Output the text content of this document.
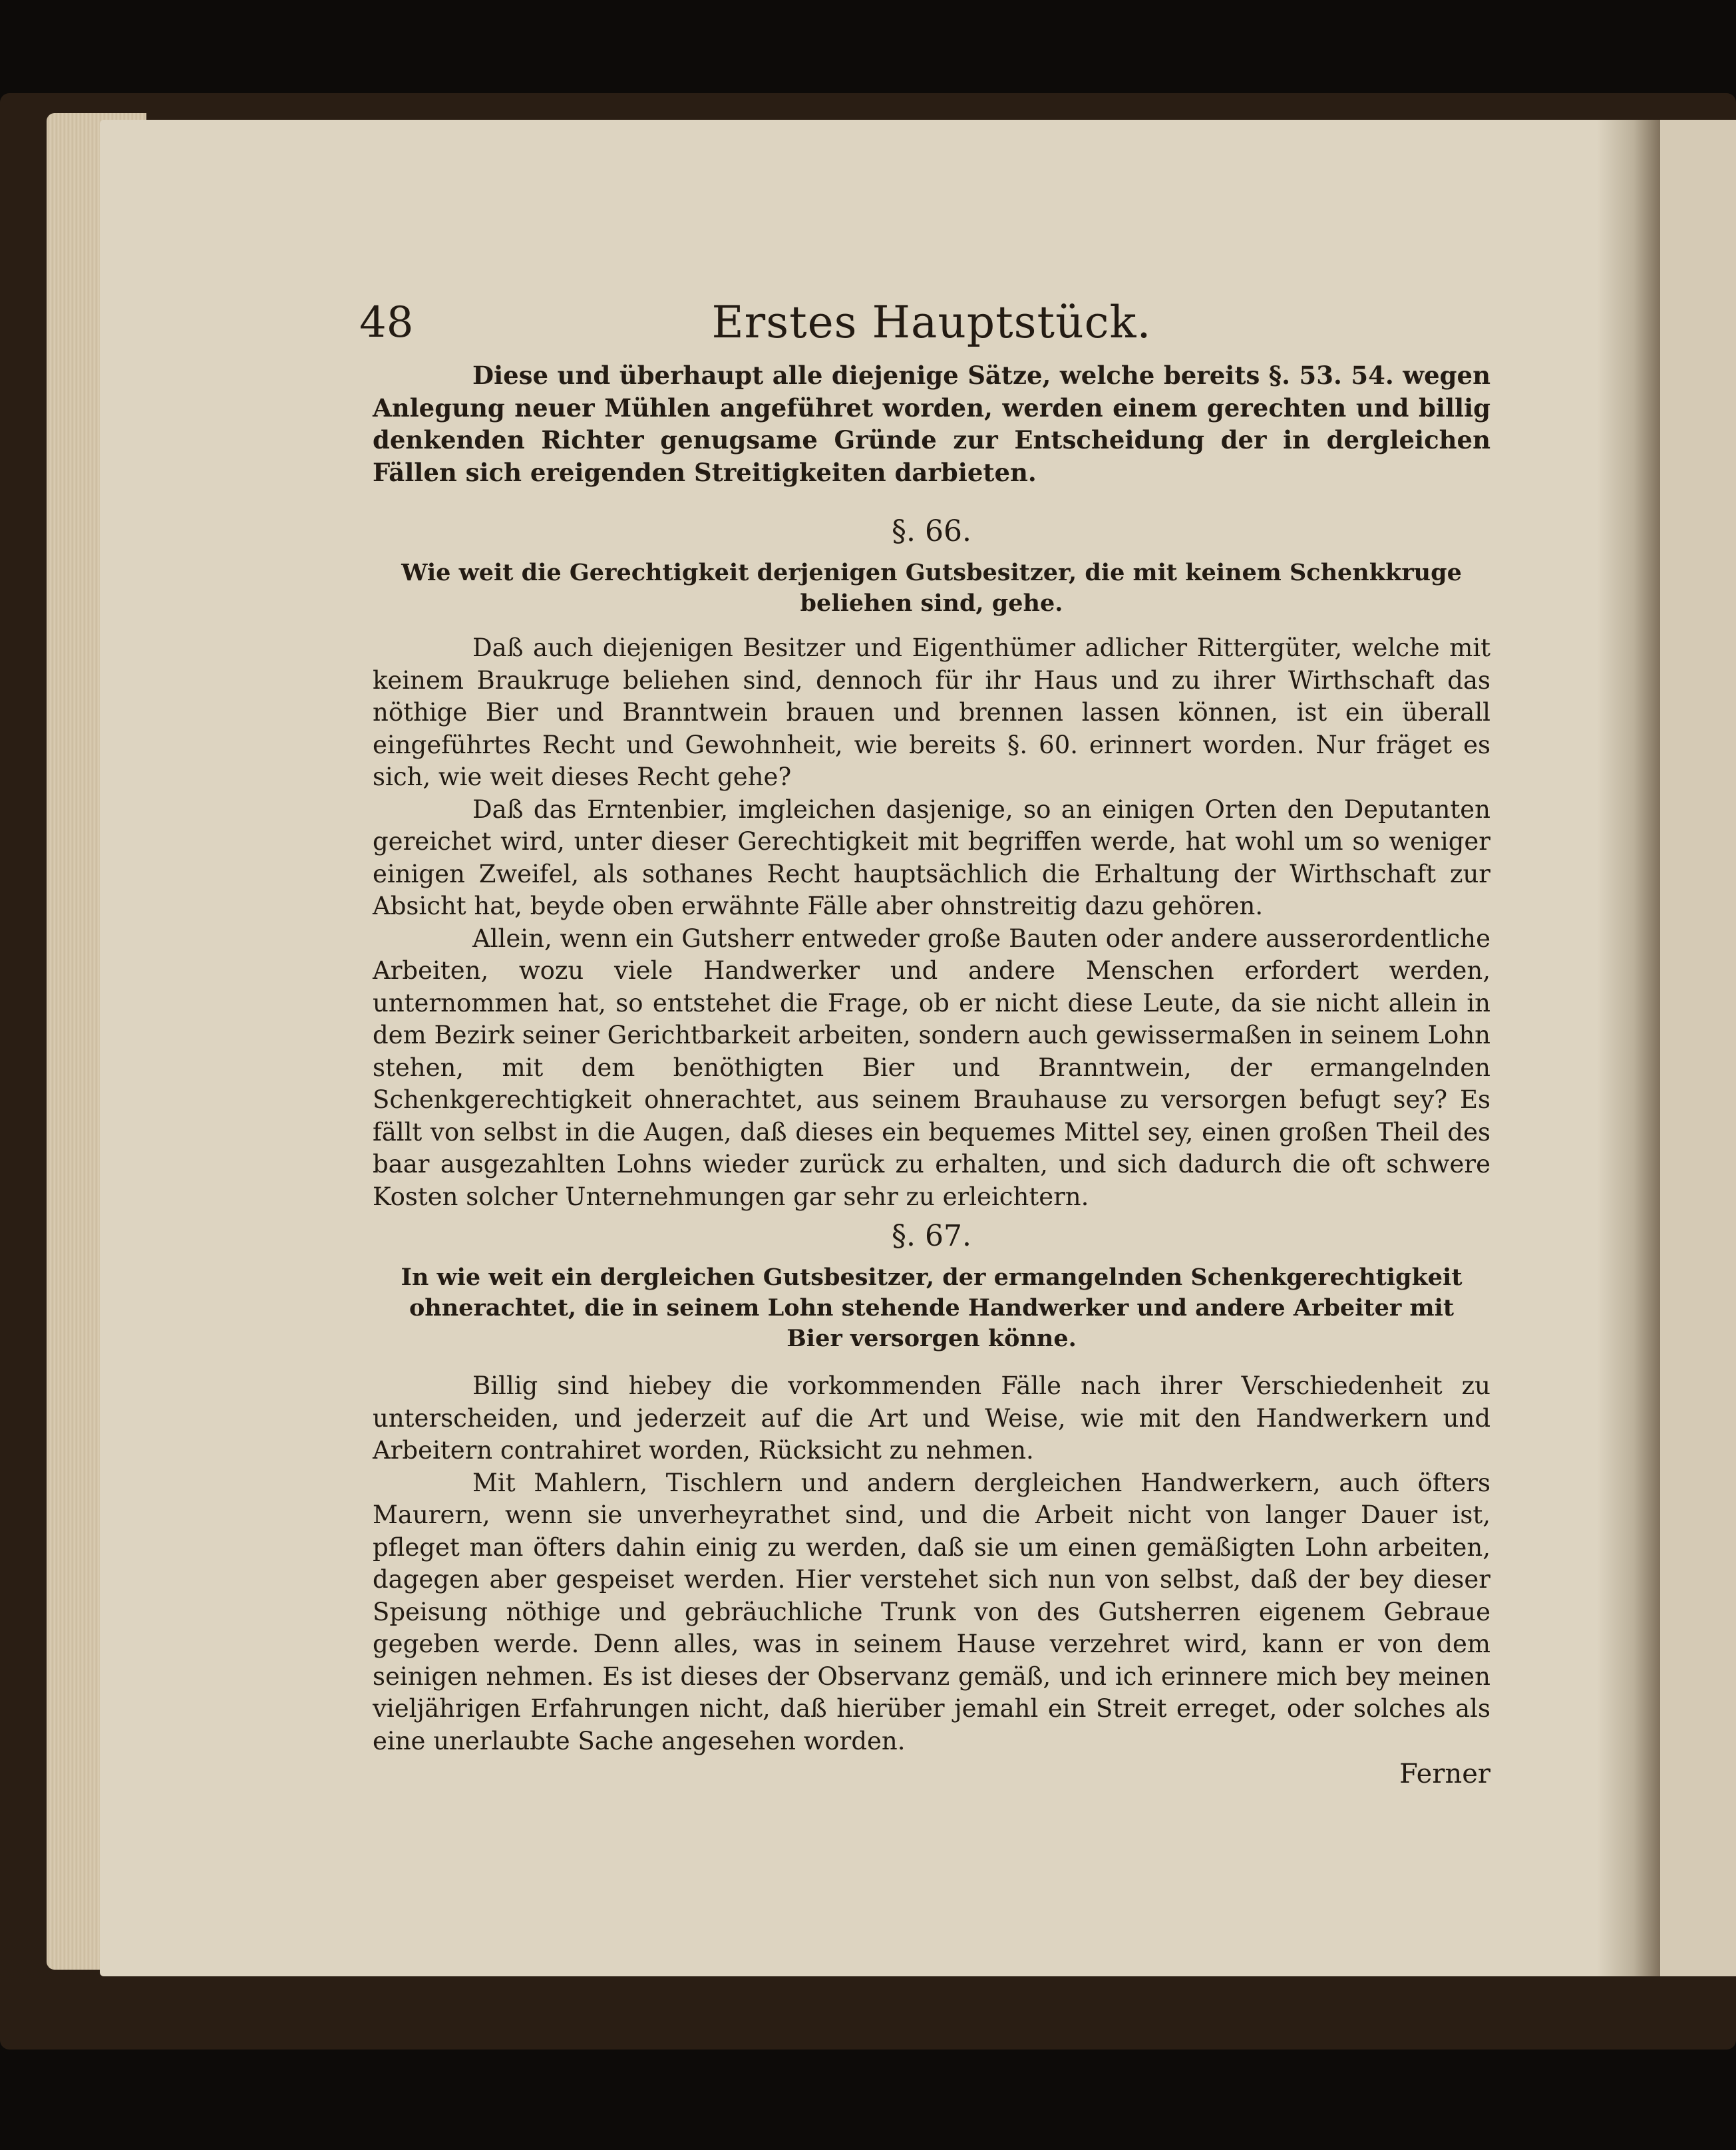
48	Erstes Hauptstück.

Diese und überhaupt alle diejenige Sätze, welche bereits §. 53. 54. wegen Anlegung neuer Mühlen angeführet worden, werden einem gerechten und billig denkenden Richter genugsame Gründe zur Entscheidung der in dergleichen Fällen sich ereigenden Streitigkeiten darbieten.

§. 66.
Wie weit die Gerechtigkeit derjenigen Gutsbesitzer, die mit keinem Schenkkruge beliehen sind, gehe.

Daß auch diejenigen Besitzer und Eigenthümer adlicher Rittergüter, welche mit keinem Braukruge beliehen sind, dennoch für ihr Haus und zu ihrer Wirthschaft das nöthige Bier und Branntwein brauen und brennen lassen können, ist ein überall eingeführtes Recht und Gewohnheit, wie bereits §. 60. erinnert worden. Nur fräget es sich, wie weit dieses Recht gehe?

Daß das Erntenbier, imgleichen dasjenige, so an einigen Orten den Deputanten gereichet wird, unter dieser Gerechtigkeit mit begriffen werde, hat wohl um so weniger einigen Zweifel, als sothanes Recht hauptsächlich die Erhaltung der Wirthschaft zur Absicht hat, beyde oben erwähnte Fälle aber ohnstreitig dazu gehören.

Allein, wenn ein Gutsherr entweder große Bauten oder andere ausserordentliche Arbeiten, wozu viele Handwerker und andere Menschen erfordert werden, unternommen hat, so entstehet die Frage, ob er nicht diese Leute, da sie nicht allein in dem Bezirk seiner Gerichtbarkeit arbeiten, sondern auch gewissermaßen in seinem Lohn stehen, mit dem benöthigten Bier und Branntwein, der ermangelnden Schenkgerechtigkeit ohnerachtet, aus seinem Brauhause zu versorgen befugt sey? Es fällt von selbst in die Augen, daß dieses ein bequemes Mittel sey, einen großen Theil des baar ausgezahlten Lohns wieder zurück zu erhalten, und sich dadurch die oft schwere Kosten solcher Unternehmungen gar sehr zu erleichtern.

§. 67.
In wie weit ein dergleichen Gutsbesitzer, der ermangelnden Schenkgerechtigkeit ohnerachtet, die in seinem Lohn stehende Handwerker und andere Arbeiter mit Bier versorgen könne.

Billig sind hiebey die vorkommenden Fälle nach ihrer Verschiedenheit zu unterscheiden, und jederzeit auf die Art und Weise, wie mit den Handwerkern und Arbeitern contrahiret worden, Rücksicht zu nehmen.

Mit Mahlern, Tischlern und andern dergleichen Handwerkern, auch öfters Maurern, wenn sie unverheyrathet sind, und die Arbeit nicht von langer Dauer ist, pfleget man öfters dahin einig zu werden, daß sie um einen gemäßigten Lohn arbeiten, dagegen aber gespeiset werden. Hier verstehet sich nun von selbst, daß der bey dieser Speisung nöthige und gebräuchliche Trunk von des Gutsherren eigenem Gebraue gegeben werde. Denn alles, was in seinem Hause verzehret wird, kann er von dem seinigen nehmen. Es ist dieses der Observanz gemäß, und ich erinnere mich bey meinen vieljährigen Erfahrungen nicht, daß hierüber jemahl ein Streit erreget, oder solches als eine unerlaubte Sache angesehen worden.

Ferner
